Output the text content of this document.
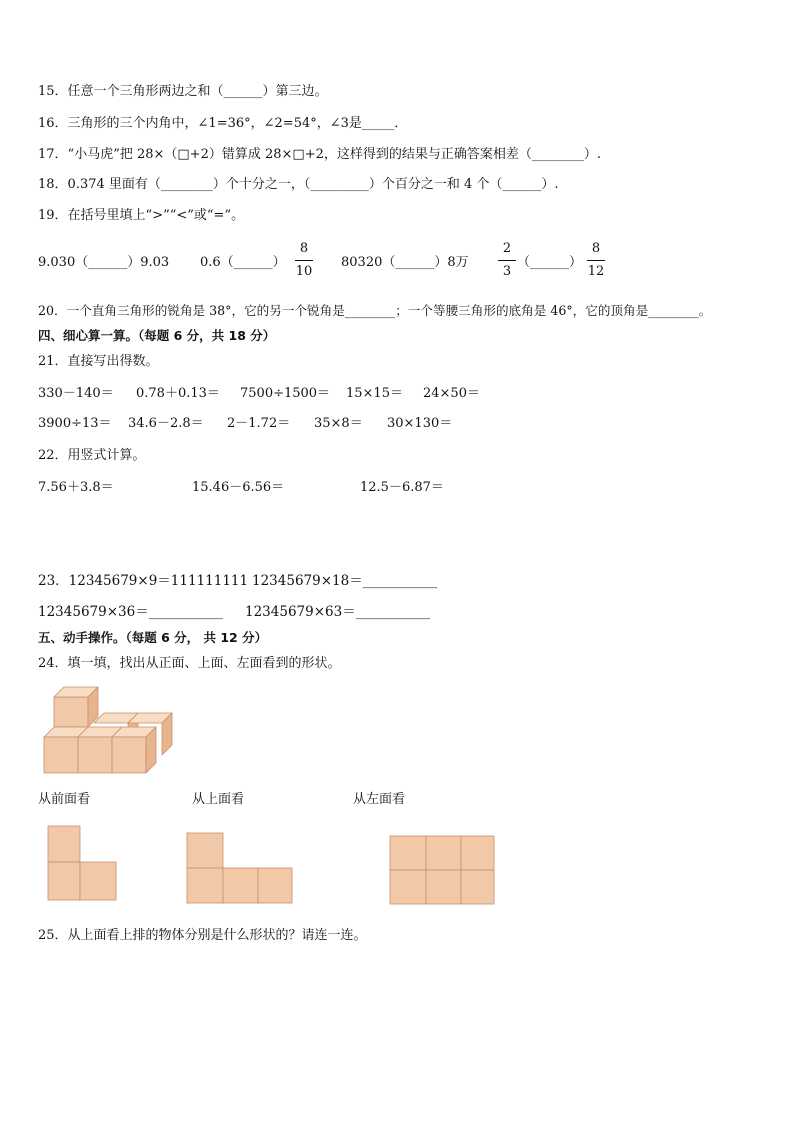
15．任意一个三角形两边之和（______）第三边。
16．三角形的三个内角中，∠1=36°，∠2=54°，∠3是_____．
17．“小马虎”把 28×（□+2）错算成 28×□+2，这样得到的结果与正确答案相差（________）.
18．0.374 里面有（________）个十分之一，（_________）个百分之一和 4 个（______）.
19．在括号里填上“>”“<”或“=”。
9.030（______）9.03 0.6（______）
8
10
80320（______）8万
2
3
（______）
8
12
20．一个直角三角形的锐角是 38°，它的另一个锐角是________；一个等腰三角形的底角是 46°，它的顶角是________。
四、细心算一算。（每题 6 分，共 18 分）
21．直接写出得数。
330－140＝ 0.78＋0.13＝ 7500÷1500＝ 15×15＝ 24×50＝
3900÷13＝ 34.6－2.8＝ 2－1.72＝ 35×8＝ 30×130＝
22．用竖式计算。
7.56＋3.8＝	15.46－6.56＝	12.5－6.87＝
23．12345679×9＝111111111 12345679×18＝___________
12345679×36＝___________ 12345679×63＝___________
五、动手操作。（每题 6 分， 共 12 分）
24．填一填，找出从正面、上面、左面看到的形状。
从前面看	从上面看	从左面看
25．从上面看上排的物体分别是什么形状的？请连一连。
